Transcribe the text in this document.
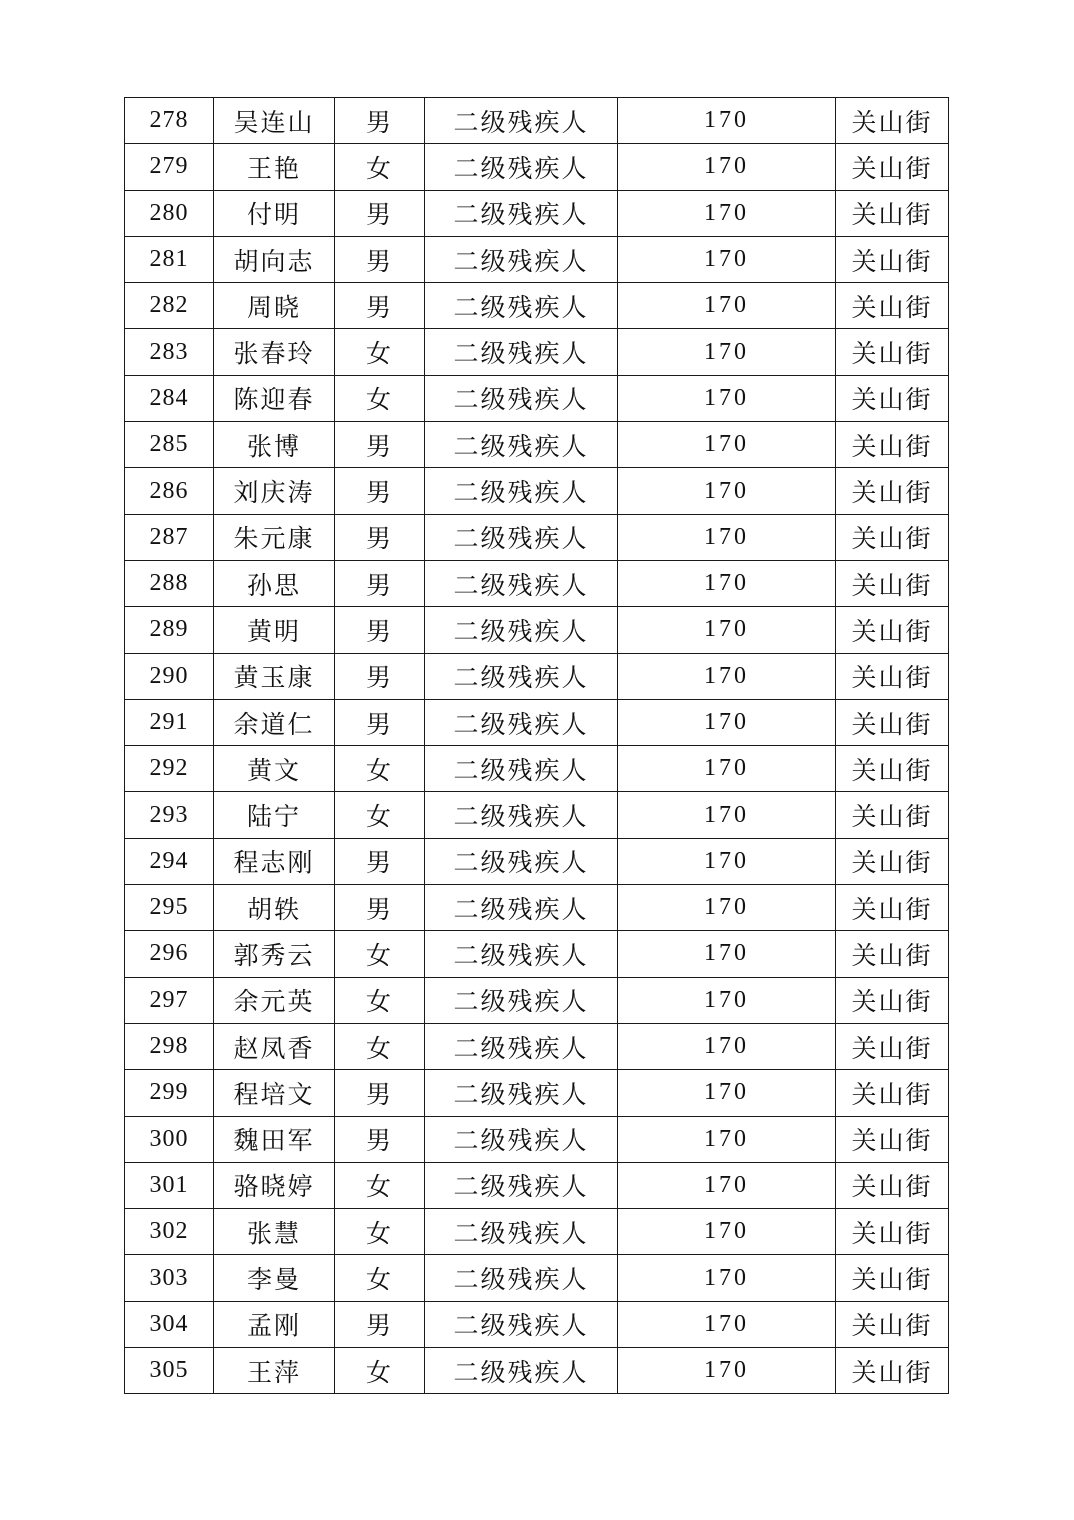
278	吴连山	男	二级残疾人	170	关山街
279	王艳	女	二级残疾人	170	关山街
280	付明	男	二级残疾人	170	关山街
281	胡向志	男	二级残疾人	170	关山街
282	周晓	男	二级残疾人	170	关山街
283	张春玲	女	二级残疾人	170	关山街
284	陈迎春	女	二级残疾人	170	关山街
285	张博	男	二级残疾人	170	关山街
286	刘庆涛	男	二级残疾人	170	关山街
287	朱元康	男	二级残疾人	170	关山街
288	孙思	男	二级残疾人	170	关山街
289	黄明	男	二级残疾人	170	关山街
290	黄玉康	男	二级残疾人	170	关山街
291	余道仁	男	二级残疾人	170	关山街
292	黄文	女	二级残疾人	170	关山街
293	陆宁	女	二级残疾人	170	关山街
294	程志刚	男	二级残疾人	170	关山街
295	胡轶	男	二级残疾人	170	关山街
296	郭秀云	女	二级残疾人	170	关山街
297	余元英	女	二级残疾人	170	关山街
298	赵凤香	女	二级残疾人	170	关山街
299	程培文	男	二级残疾人	170	关山街
300	魏田军	男	二级残疾人	170	关山街
301	骆晓婷	女	二级残疾人	170	关山街
302	张慧	女	二级残疾人	170	关山街
303	李曼	女	二级残疾人	170	关山街
304	孟刚	男	二级残疾人	170	关山街
305	王萍	女	二级残疾人	170	关山街
